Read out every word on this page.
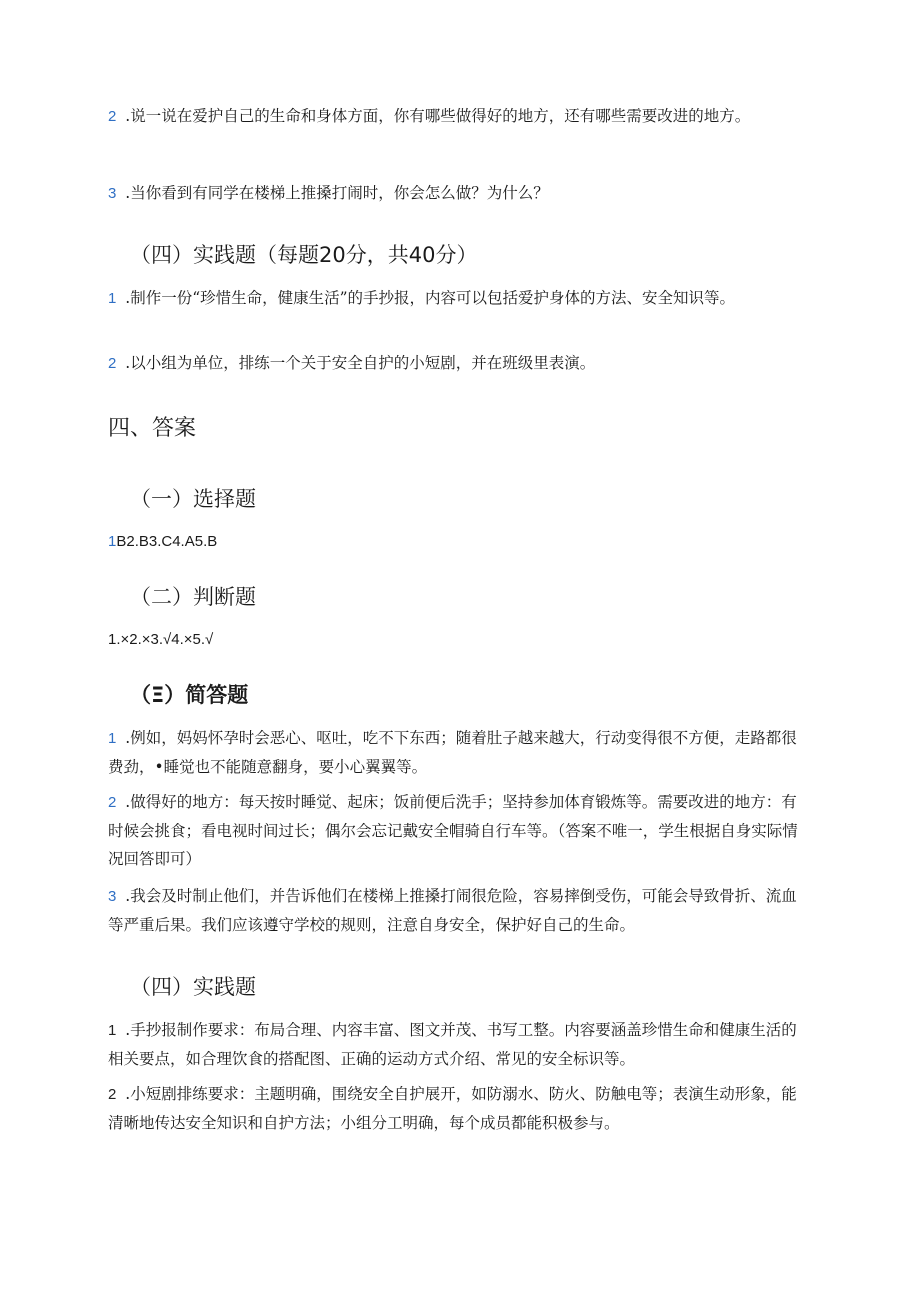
2 .说一说在爱护自己的生命和身体方面，你有哪些做得好的地方，还有哪些需要改进的地方。

3 .当你看到有同学在楼梯上推搡打闹时，你会怎么做？为什么？

（四）实践题（每题20分，共40分）

1 .制作一份“珍惜生命，健康生活”的手抄报，内容可以包括爱护身体的方法、安全知识等。

2 .以小组为单位，排练一个关于安全自护的小短剧，并在班级里表演。

四、答案
（一）选择题

1B2.B3.C4.A5.B

（二）判断题

1.×2.×3.√4.×5.√

（Ξ）简答题
1 .例如，妈妈怀孕时会恶心、呕吐，吃不下东西；随着肚子越来越大，行动变得很不方便，走路都很费劲，•睡觉也不能随意翻身，要小心翼翼等。
2 .做得好的地方：每天按时睡觉、起床；饭前便后洗手；坚持参加体育锻炼等。需要改进的地方：有时候会挑食；看电视时间过长；偶尔会忘记戴安全帽骑自行车等。（答案不唯一，学生根据自身实际情况回答即可）
3 .我会及时制止他们，并告诉他们在楼梯上推搡打闹很危险，容易摔倒受伤，可能会导致骨折、流血等严重后果。我们应该遵守学校的规则，注意自身安全，保护好自己的生命。
（四）实践题
1 .手抄报制作要求：布局合理、内容丰富、图文并茂、书写工整。内容要涵盖珍惜生命和健康生活的相关要点，如合理饮食的搭配图、正确的运动方式介绍、常见的安全标识等。
2 .小短剧排练要求：主题明确，围绕安全自护展开，如防溺水、防火、防触电等；表演生动形象，能清晰地传达安全知识和自护方法；小组分工明确，每个成员都能积极参与。
